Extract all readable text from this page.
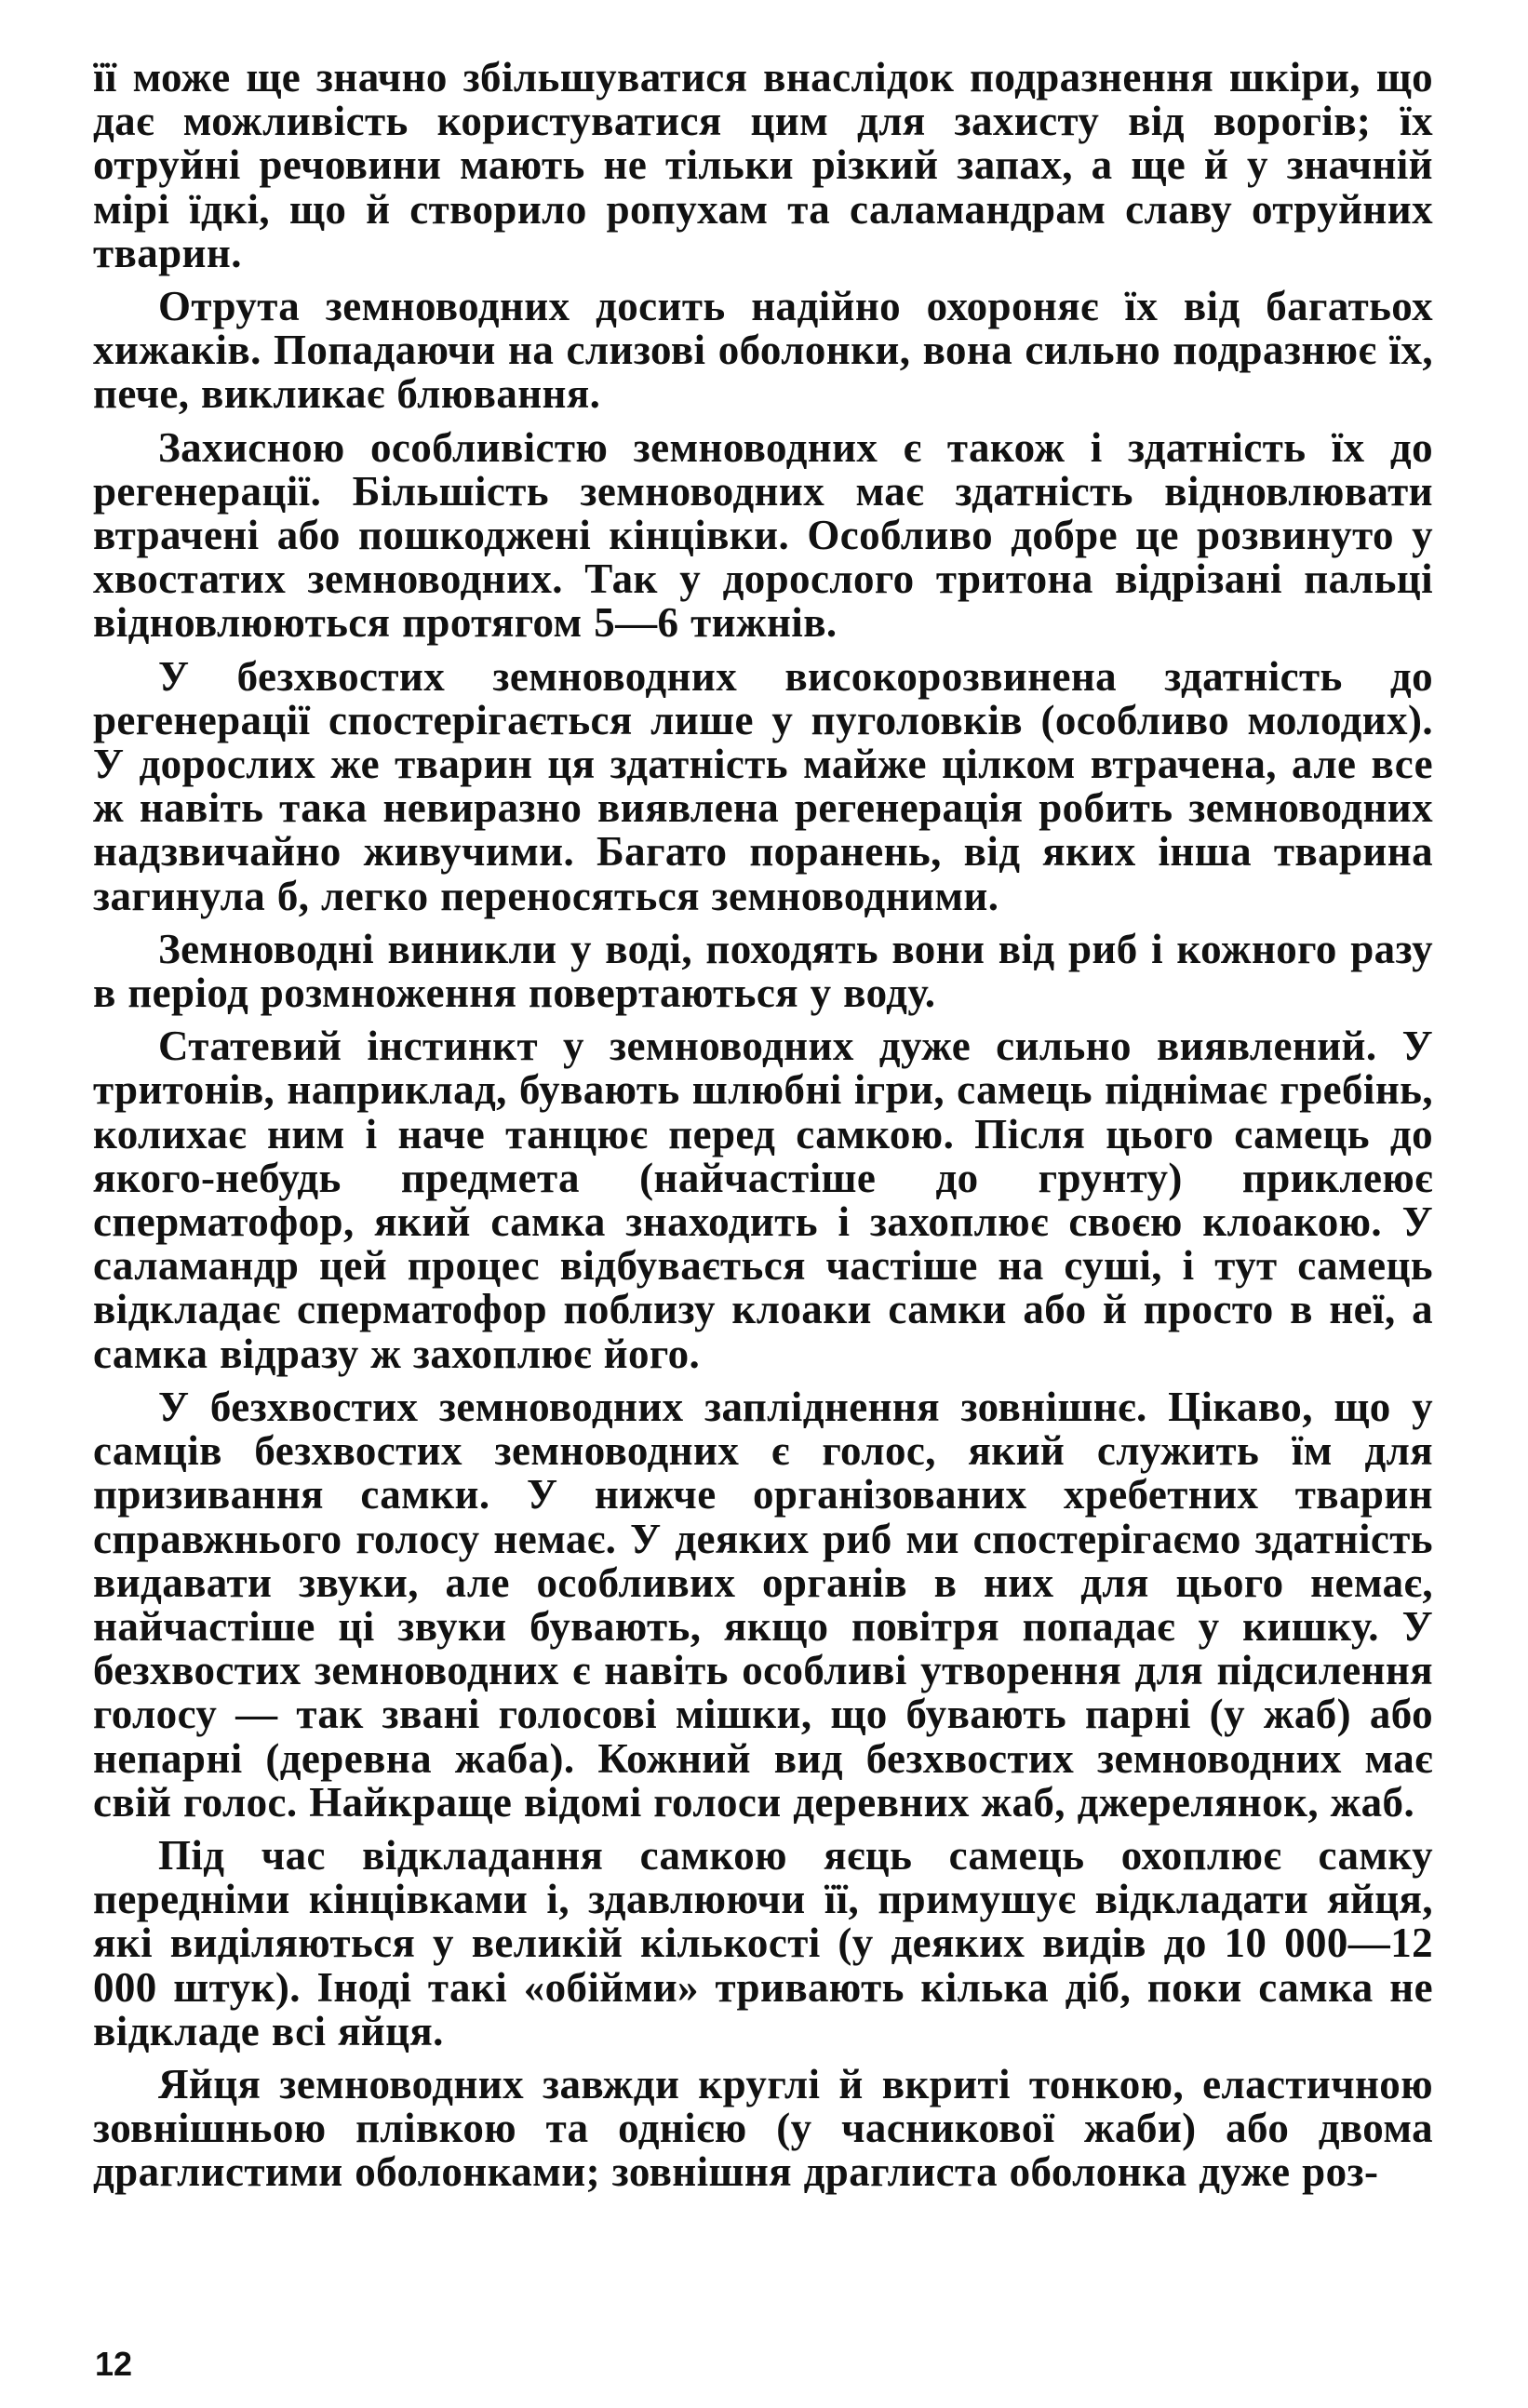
її може ще значно збільшуватися внаслідок подразнення шкіри, що дає можливість користуватися цим для захисту від ворогів; їх отруйні речовини мають не тільки різкий запах, а ще й у значній мірі їдкі, що й створило ропухам та саламандрам славу отруйних тварин.

Отрута земноводних досить надійно охороняє їх від багатьох хижаків. Попадаючи на слизові оболонки, вона сильно подразнює їх, пече, викликає блювання.

Захисною особливістю земноводних є також і здатність їх до регенерації. Більшість земноводних має здатність відновлювати втрачені або пошкоджені кінцівки. Особливо добре це розвинуто у хвостатих земноводних. Так у дорослого тритона відрізані пальці відновлюються протягом 5—6 тижнів.

У безхвостих земноводних високорозвинена здатність до регенерації спостерігається лише у пуголовків (особливо молодих). У дорослих же тварин ця здатність майже цілком втрачена, але все ж навіть така невиразно виявлена регенерація робить земноводних надзвичайно живучими. Багато поранень, від яких інша тварина загинула б, легко переносяться земноводними.

Земноводні виникли у воді, походять вони від риб і кожного разу в період розмноження повертаються у воду.

Статевий інстинкт у земноводних дуже сильно виявлений. У тритонів, наприклад, бувають шлюбні ігри, самець піднімає гребінь, колихає ним і наче танцює перед самкою. Після цього самець до якого-небудь предмета (найчастіше до грунту) приклеює сперматофор, який самка знаходить і захоплює своєю клоакою. У саламандр цей процес відбувається частіше на суші, і тут самець відкладає сперматофор поблизу клоаки самки або й просто в неї, а самка відразу ж захоплює його.

У безхвостих земноводних запліднення зовнішнє. Цікаво, що у самців безхвостих земноводних є голос, який служить їм для призивання самки. У нижче організованих хребетних тварин справжнього голосу немає. У деяких риб ми спостерігаємо здатність видавати звуки, але особливих органів в них для цього немає, найчастіше ці звуки бувають, якщо повітря попадає у кишку. У безхвостих земноводних є навіть особливі утворення для підсилення голосу — так звані голосові мішки, що бувають парні (у жаб) або непарні (деревна жаба). Кожний вид безхвостих земноводних має свій голос. Найкраще відомі голоси деревних жаб, джерелянок, жаб.

Під час відкладання самкою яєць самець охоплює самку передніми кінцівками і, здавлюючи її, примушує відкладати яйця, які виділяються у великій кількості (у деяких видів до 10 000—12 000 штук). Іноді такі «обійми» тривають кілька діб, поки самка не відкладе всі яйця.

Яйця земноводних завжди круглі й вкриті тонкою, еластичною зовнішньою плівкою та однією (у часникової жаби) або двома драглистими оболонками; зовнішня драглиста оболонка дуже роз-

12
